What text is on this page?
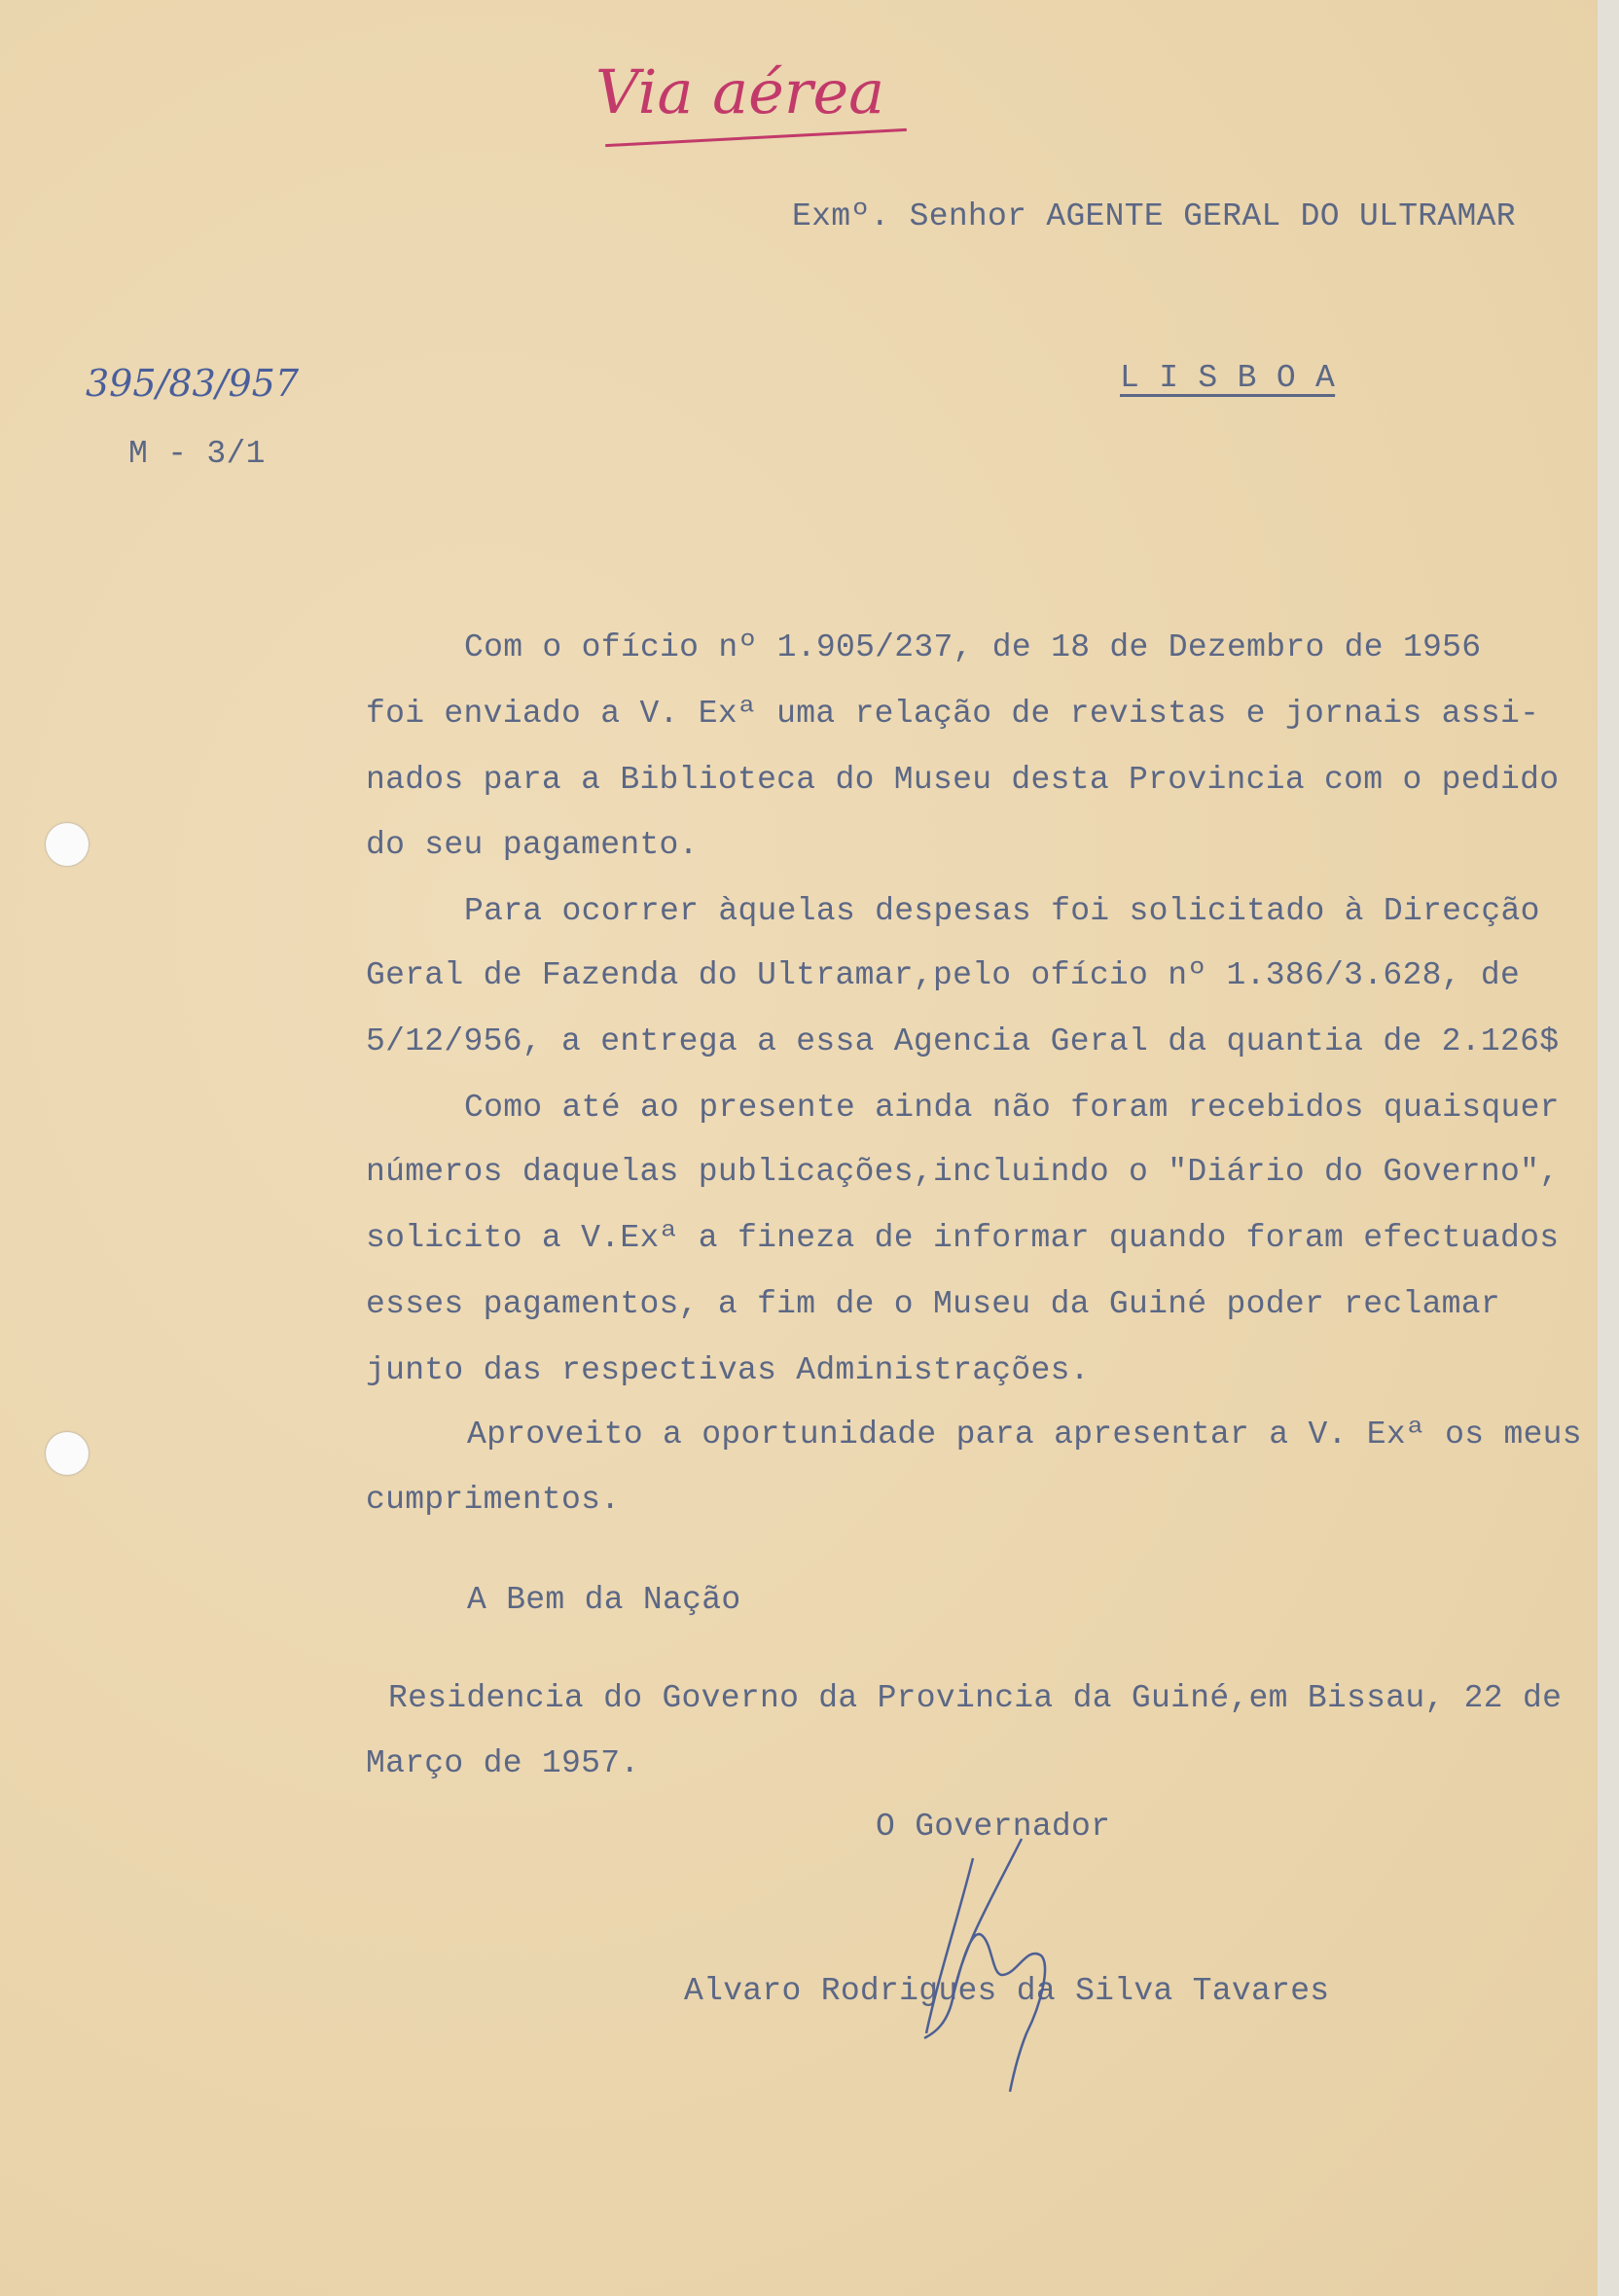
Via aérea
Exmº. Senhor AGENTE GERAL DO ULTRAMAR
L I S B O A
395/83/957
M - 3/1
Com o ofício nº 1.905/237, de 18 de Dezembro de 1956
foi enviado a V. Exª uma relação de revistas e jornais assi-
nados para a Biblioteca do Museu desta Provincia com o pedido
do seu pagamento.
Para ocorrer àquelas despesas foi solicitado à Direcção
Geral de Fazenda do Ultramar,pelo ofício nº 1.386/3.628, de
5/12/956, a entrega a essa Agencia Geral da quantia de 2.126$
Como até ao presente ainda não foram recebidos quaisquer
números daquelas publicações,incluindo o "Diário do Governo",
solicito a V.Exª a fineza de informar quando foram efectuados
esses pagamentos, a fim de o Museu da Guiné poder reclamar
junto das respectivas Administrações.
Aproveito a oportunidade para apresentar a V. Exª os meus
cumprimentos.
A Bem da Nação
Residencia do Governo da Provincia da Guiné,em Bissau, 22 de
Março de 1957.
O Governador
Alvaro Rodrigues da Silva Tavares
